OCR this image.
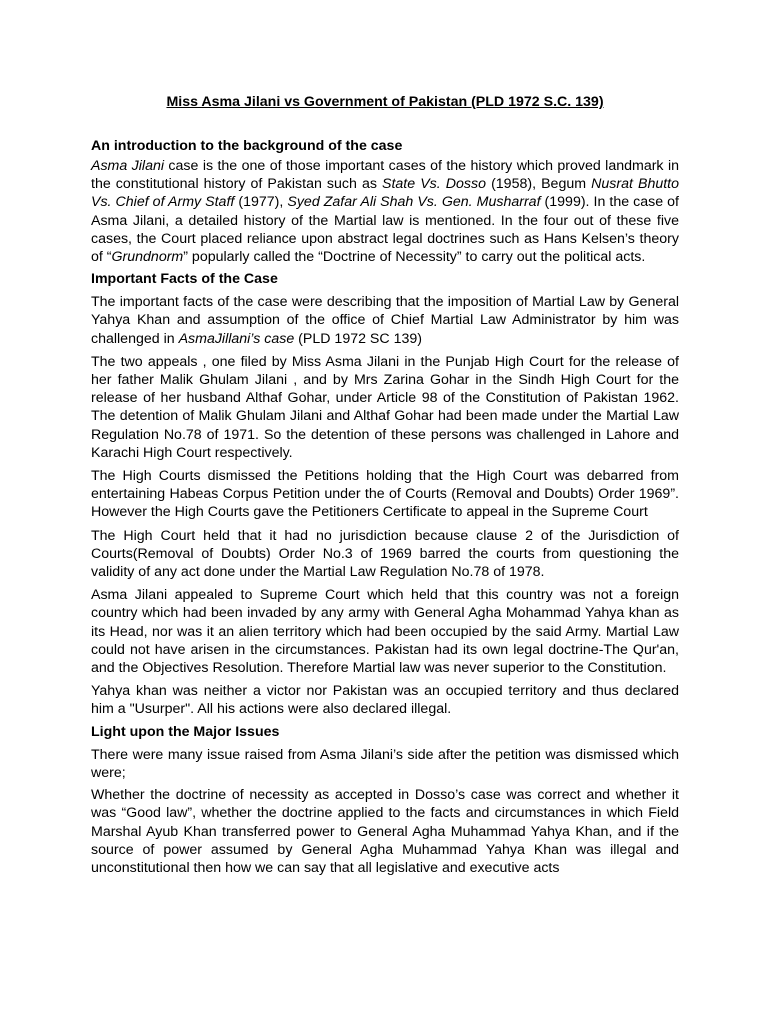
Miss Asma Jilani vs Government of Pakistan (PLD 1972 S.C. 139)
An introduction to the background of the case

Asma Jilani case is the one of those important cases of the history which proved landmark in the constitutional history of Pakistan such as State Vs. Dosso (1958), Begum Nusrat Bhutto Vs. Chief of Army Staff (1977), Syed Zafar Ali Shah Vs. Gen. Musharraf (1999). In the case of Asma Jilani, a detailed history of the Martial law is mentioned. In the four out of these five cases, the Court placed reliance upon abstract legal doctrines such as Hans Kelsen’s theory of “Grundnorm” popularly called the “Doctrine of Necessity” to carry out the political acts.

Important Facts of the Case

The important facts of the case were describing that the imposition of Martial Law by General Yahya Khan and assumption of the office of Chief Martial Law Administrator by him was challenged in AsmaJillani’s case (PLD 1972 SC 139)

The two appeals , one filed by Miss Asma Jilani in the Punjab High Court for the release of her father Malik Ghulam Jilani , and by Mrs Zarina Gohar in the Sindh High Court for the release of her husband Althaf Gohar, under Article 98 of the Constitution of Pakistan 1962. The detention of Malik Ghulam Jilani and Althaf Gohar had been made under the Martial Law Regulation No.78 of 1971. So the detention of these persons was challenged in Lahore and Karachi High Court respectively.

The High Courts dismissed the Petitions holding that the High Court was debarred from entertaining Habeas Corpus Petition under the of Courts (Removal and Doubts) Order 1969”. However the High Courts gave the Petitioners Certificate to appeal in the Supreme Court

The High Court held that it had no jurisdiction because clause 2 of the Jurisdiction of Courts(Removal of Doubts) Order No.3 of 1969 barred the courts from questioning the validity of any act done under the Martial Law Regulation No.78 of 1978.

Asma Jilani appealed to Supreme Court which held that this country was not a foreign country which had been invaded by any army with General Agha Mohammad Yahya khan as its Head, nor was it an alien territory which had been occupied by the said Army. Martial Law could not have arisen in the circumstances. Pakistan had its own legal doctrine-The Qur'an, and the Objectives Resolution. Therefore Martial law was never superior to the Constitution.

Yahya khan was neither a victor nor Pakistan was an occupied territory and thus declared him a "Usurper". All his actions were also declared illegal.

Light upon the Major Issues

There were many issue raised from Asma Jilani’s side after the petition was dismissed which were;

Whether the doctrine of necessity as accepted in Dosso’s case was correct and whether it was “Good law”, whether the doctrine applied to the facts and circumstances in which Field Marshal Ayub Khan transferred power to General Agha Muhammad Yahya Khan, and if the source of power assumed by General Agha Muhammad Yahya Khan was illegal and unconstitutional then how we can say that all legislative and executive acts
